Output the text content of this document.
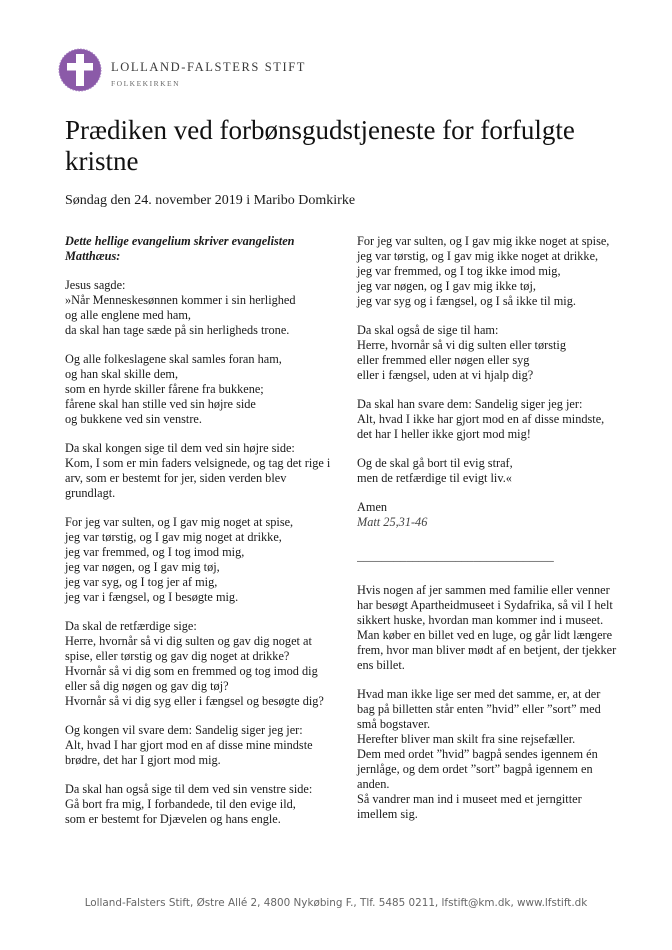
LOLLAND-FALSTERS STIFT
FOLKEKIRKEN
Prædiken ved forbønsgudstjeneste for forfulgte kristne
Søndag den 24. november 2019 i Maribo Domkirke

Dette hellige evangelium skriver evangelisten Matthæus:

Jesus sagde:
»Når Menneskesønnen kommer i sin herlighed
og alle englene med ham,
da skal han tage sæde på sin herligheds trone.

Og alle folkeslagene skal samles foran ham,
og han skal skille dem,
som en hyrde skiller fårene fra bukkene;
fårene skal han stille ved sin højre side
og bukkene ved sin venstre.

Da skal kongen sige til dem ved sin højre side:
Kom, I som er min faders velsignede, og tag det rige i arv, som er bestemt for jer, siden verden blev grundlagt.

For jeg var sulten, og I gav mig noget at spise,
jeg var tørstig, og I gav mig noget at drikke,
jeg var fremmed, og I tog imod mig,
jeg var nøgen, og I gav mig tøj,
jeg var syg, og I tog jer af mig,
jeg var i fængsel, og I besøgte mig.

Da skal de retfærdige sige:
Herre, hvornår så vi dig sulten og gav dig noget at spise, eller tørstig og gav dig noget at drikke?
Hvornår så vi dig som en fremmed og tog imod dig
eller så dig nøgen og gav dig tøj?
Hvornår så vi dig syg eller i fængsel og besøgte dig?

Og kongen vil svare dem: Sandelig siger jeg jer:
Alt, hvad I har gjort mod en af disse mine mindste brødre, det har I gjort mod mig.

Da skal han også sige til dem ved sin venstre side:
Gå bort fra mig, I forbandede, til den evige ild,
som er bestemt for Djævelen og hans engle.

For jeg var sulten, og I gav mig ikke noget at spise,
jeg var tørstig, og I gav mig ikke noget at drikke,
jeg var fremmed, og I tog ikke imod mig,
jeg var nøgen, og I gav mig ikke tøj,
jeg var syg og i fængsel, og I så ikke til mig.

Da skal også de sige til ham:
Herre, hvornår så vi dig sulten eller tørstig
eller fremmed eller nøgen eller syg
eller i fængsel, uden at vi hjalp dig?

Da skal han svare dem: Sandelig siger jeg jer:
Alt, hvad I ikke har gjort mod en af disse mindste, det har I heller ikke gjort mod mig!

Og de skal gå bort til evig straf,
men de retfærdige til evigt liv.«

Amen

Matt 25,31-46

________________________________

Hvis nogen af jer sammen med familie eller venner har besøgt Apartheidmuseet i Sydafrika, så vil I helt sikkert huske, hvordan man kommer ind i museet.
Man køber en billet ved en luge, og går lidt længere frem, hvor man bliver mødt af en betjent, der tjekker ens billet.

Hvad man ikke lige ser med det samme, er, at der bag på billetten står enten ”hvid” eller ”sort” med små bogstaver.
Herefter bliver man skilt fra sine rejsefæller.
Dem med ordet ”hvid” bagpå sendes igennem én jernlåge, og dem ordet ”sort” bagpå igennem en anden.
Så vandrer man ind i museet med et jerngitter imellem sig.

Lolland-Falsters Stift, Østre Allé 2, 4800 Nykøbing F., Tlf. 5485 0211, lfstift@km.dk, www.lfstift.dk
